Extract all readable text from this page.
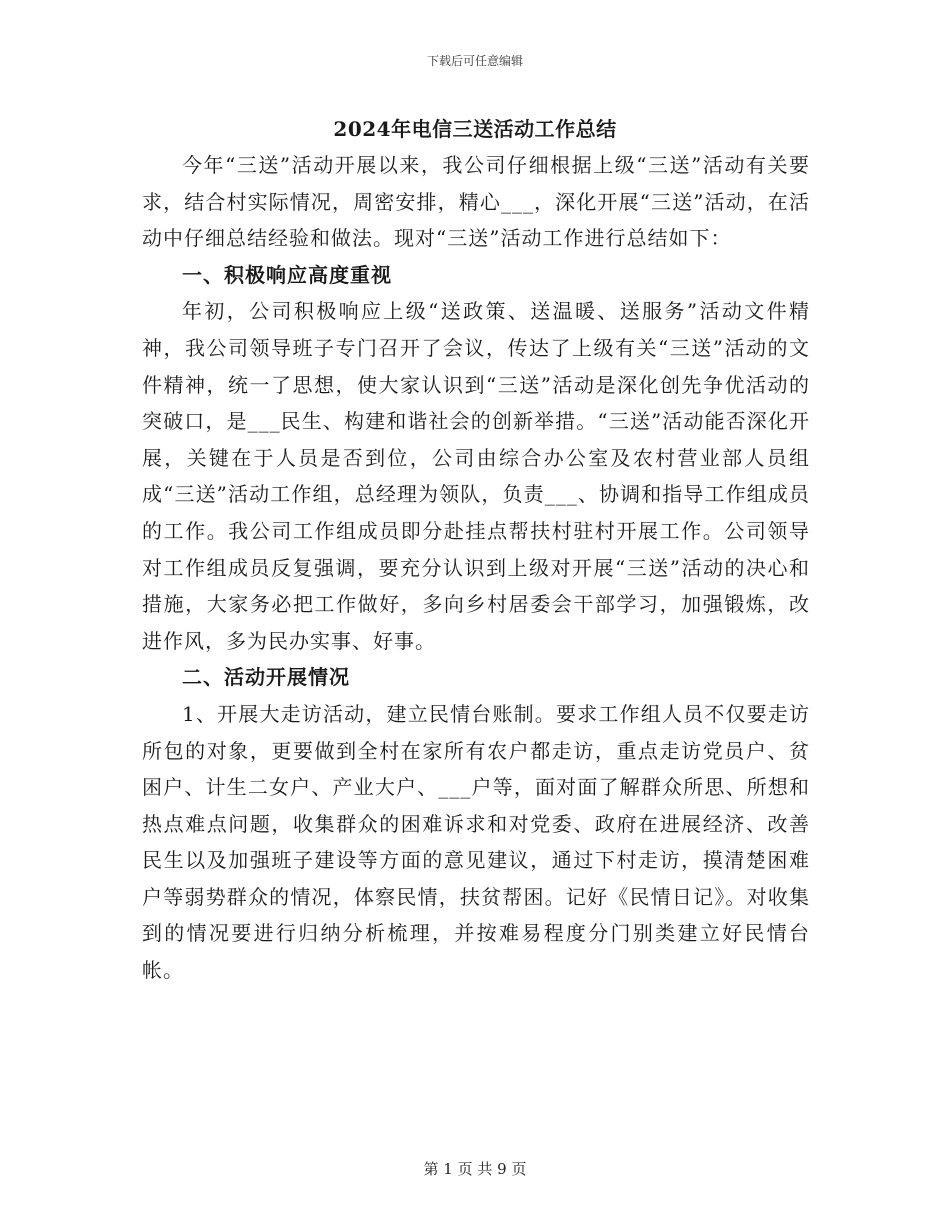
下载后可任意编辑
2024年电信三送活动工作总结

今年“三送”活动开展以来，我公司仔细根据上级“三送”活动有关要求，结合村实际情况，周密安排，精心___，深化开展“三送”活动，在活动中仔细总结经验和做法。现对“三送”活动工作进行总结如下：

一、积极响应高度重视

年初，公司积极响应上级“送政策、送温暖、送服务”活动文件精神，我公司领导班子专门召开了会议，传达了上级有关“三送”活动的文件精神，统一了思想，使大家认识到“三送”活动是深化创先争优活动的突破口，是___民生、构建和谐社会的创新举措。“三送”活动能否深化开展，关键在于人员是否到位，公司由综合办公室及农村营业部人员组成“三送”活动工作组，总经理为领队，负责___、协调和指导工作组成员的工作。我公司工作组成员即分赴挂点帮扶村驻村开展工作。公司领导对工作组成员反复强调，要充分认识到上级对开展“三送”活动的决心和措施，大家务必把工作做好，多向乡村居委会干部学习，加强锻炼，改进作风，多为民办实事、好事。

二、活动开展情况

1、开展大走访活动，建立民情台账制。要求工作组人员不仅要走访所包的对象，更要做到全村在家所有农户都走访，重点走访党员户、贫困户、计生二女户、产业大户、___户等，面对面了解群众所思、所想和热点难点问题，收集群众的困难诉求和对党委、政府在进展经济、改善民生以及加强班子建设等方面的意见建议，通过下村走访，摸清楚困难户等弱势群众的情况，体察民情，扶贫帮困。记好《民情日记》。对收集到的情况要进行归纳分析梳理，并按难易程度分门别类建立好民情台帐。

第 1 页 共 9 页
